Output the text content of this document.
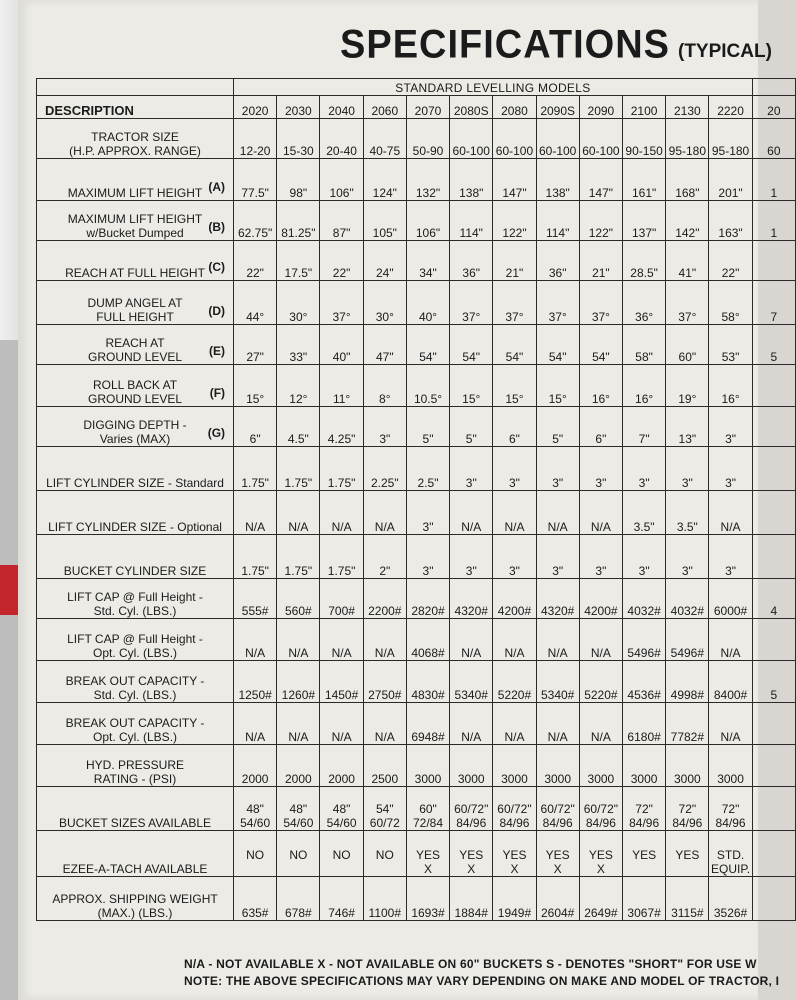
SPECIFICATIONS (TYPICAL)
	STANDARD LEVELLING MODELS												
DESCRIPTION	2020	2030	2040	2060	2070	2080S	2080	2090S	2090	2100	2130	2220	20

TRACTOR SIZE
(H.P. APPROX. RANGE)	12-20	15-30	20-40	40-75	50-90	60-100	60-100	60-100	60-100	90-150	95-180	95-180	60

MAXIMUM LIFT HEIGHT (A)	77.5"	98"	106"	124"	132"	138"	147"	138"	147"	161"	168"	201"	1

MAXIMUM LIFT HEIGHT
w/Bucket Dumped (B)	62.75"	81.25"	87"	105"	106"	114"	122"	114"	122"	137"	142"	163"	1

REACH AT FULL HEIGHT (C)	22"	17.5"	22"	24"	34"	36"	21"	36"	21"	28.5"	41"	22"	

DUMP ANGEL AT
FULL HEIGHT (D)	44°	30°	37°	30°	40°	37°	37°	37°	37°	36°	37°	58°	7

REACH AT
GROUND LEVEL (E)	27"	33"	40"	47"	54"	54"	54"	54"	54"	58"	60"	53"	5

ROLL BACK AT
GROUND LEVEL (F)	15°	12°	11°	8°	10.5°	15°	15°	15°	16°	16°	19°	16°	

DIGGING DEPTH -
Varies (MAX) (G)	6"	4.5"	4.25"	3"	5"	5"	6"	5"	6"	7"	13"	3"	

LIFT CYLINDER SIZE - Standard	1.75"	1.75"	1.75"	2.25"	2.5"	3"	3"	3"	3"	3"	3"	3"	

LIFT CYLINDER SIZE - Optional	N/A	N/A	N/A	N/A	3"	N/A	N/A	N/A	N/A	3.5"	3.5"	N/A	

BUCKET CYLINDER SIZE	1.75"	1.75"	1.75"	2"	3"	3"	3"	3"	3"	3"	3"	3"	

LIFT CAP @ Full Height -
Std. Cyl. (LBS.)	555#	560#	700#	2200#	2820#	4320#	4200#	4320#	4200#	4032#	4032#	6000#	4

LIFT CAP @ Full Height -
Opt. Cyl. (LBS.)	N/A	N/A	N/A	N/A	4068#	N/A	N/A	N/A	N/A	5496#	5496#	N/A	

BREAK OUT CAPACITY -
Std. Cyl. (LBS.)	1250#	1260#	1450#	2750#	4830#	5340#	5220#	5340#	5220#	4536#	4998#	8400#	5

BREAK OUT CAPACITY -
Opt. Cyl. (LBS.)	N/A	N/A	N/A	N/A	6948#	N/A	N/A	N/A	N/A	6180#	7782#	N/A	

HYD. PRESSURE
RATING - (PSI)	2000	2000	2000	2500	3000	3000	3000	3000	3000	3000	3000	3000	

BUCKET SIZES AVAILABLE	48"
54/60	48"
54/60	48"
54/60	54"
60/72	60"
72/84	60/72"
84/96	60/72"
84/96	60/72"
84/96	60/72"
84/96	72"
84/96	72"
84/96	72"
84/96	

EZEE-A-TACH AVAILABLE	NO	NO	NO	NO	YES
X	YES
X	YES
X	YES
X	YES
X	YES	YES	STD.
EQUIP.	

APPROX. SHIPPING WEIGHT
(MAX.) (LBS.)	635#	678#	746#	1100#	1693#	1884#	1949#	2604#	2649#	3067#	3115#	3526#	
N/A - NOT AVAILABLE X - NOT AVAILABLE ON 60" BUCKETS S - DENOTES "SHORT" FOR USE W
NOTE: THE ABOVE SPECIFICATIONS MAY VARY DEPENDING ON MAKE AND MODEL OF TRACTOR, I
